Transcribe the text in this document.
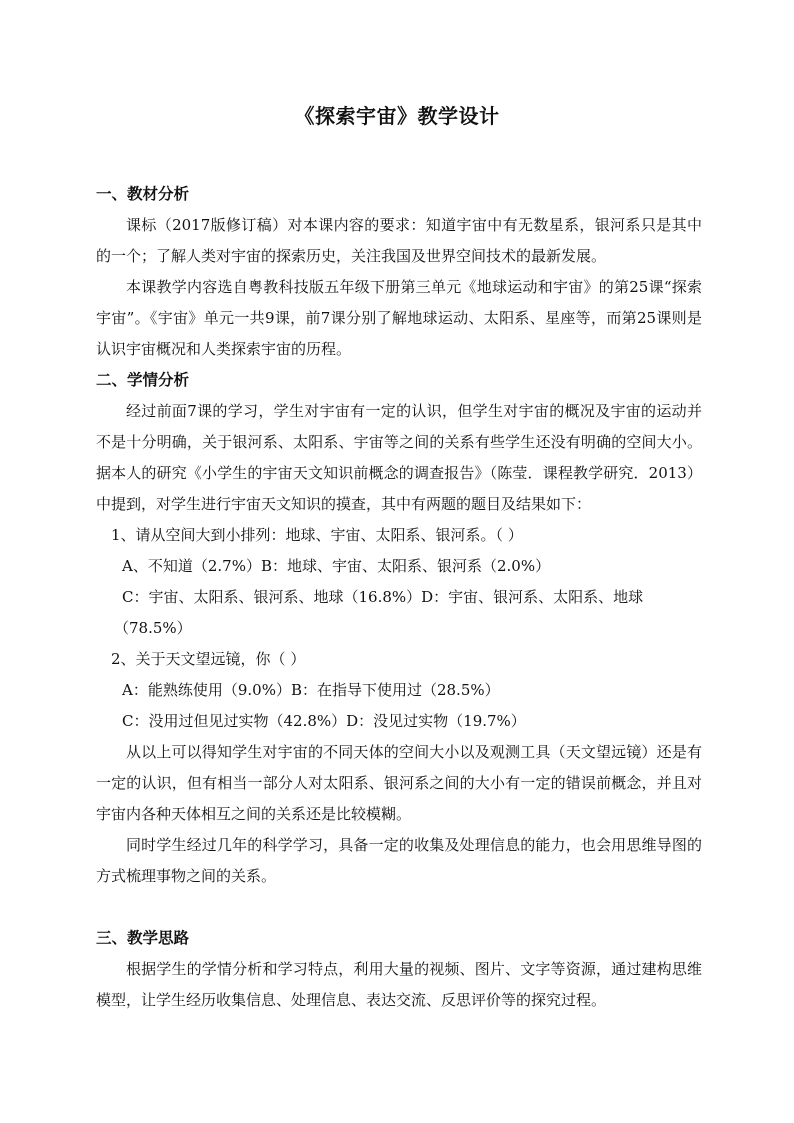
《探索宇宙》教学设计

一、教材分析

课标（2017版修订稿）对本课内容的要求：知道宇宙中有无数星系，银河系只是其中的一个；了解人类对宇宙的探索历史，关注我国及世界空间技术的最新发展。

本课教学内容选自粤教科技版五年级下册第三单元《地球运动和宇宙》的第25课“探索宇宙”。《宇宙》单元一共9课，前7课分别了解地球运动、太阳系、星座等，而第25课则是认识宇宙概况和人类探索宇宙的历程。

二、学情分析

经过前面7课的学习，学生对宇宙有一定的认识，但学生对宇宙的概况及宇宙的运动并不是十分明确，关于银河系、太阳系、宇宙等之间的关系有些学生还没有明确的空间大小。据本人的研究《小学生的宇宙天文知识前概念的调查报告》（陈莹．课程教学研究．2013）中提到，对学生进行宇宙天文知识的摸查，其中有两题的题目及结果如下：

1、请从空间大到小排列：地球、宇宙、太阳系、银河系。（ ）

A、不知道（2.7%）B：地球、宇宙、太阳系、银河系（2.0%）

C：宇宙、太阳系、银河系、地球（16.8%）D：宇宙、银河系、太阳系、地球
（78.5%）

2、关于天文望远镜，你（ ）

A：能熟练使用（9.0%）B：在指导下使用过（28.5%）

C：没用过但见过实物（42.8%）D：没见过实物（19.7%）

从以上可以得知学生对宇宙的不同天体的空间大小以及观测工具（天文望远镜）还是有一定的认识，但有相当一部分人对太阳系、银河系之间的大小有一定的错误前概念，并且对宇宙内各种天体相互之间的关系还是比较模糊。

同时学生经过几年的科学学习，具备一定的收集及处理信息的能力，也会用思维导图的方式梳理事物之间的关系。

三、教学思路

根据学生的学情分析和学习特点，利用大量的视频、图片、文字等资源，通过建构思维模型，让学生经历收集信息、处理信息、表达交流、反思评价等的探究过程。
